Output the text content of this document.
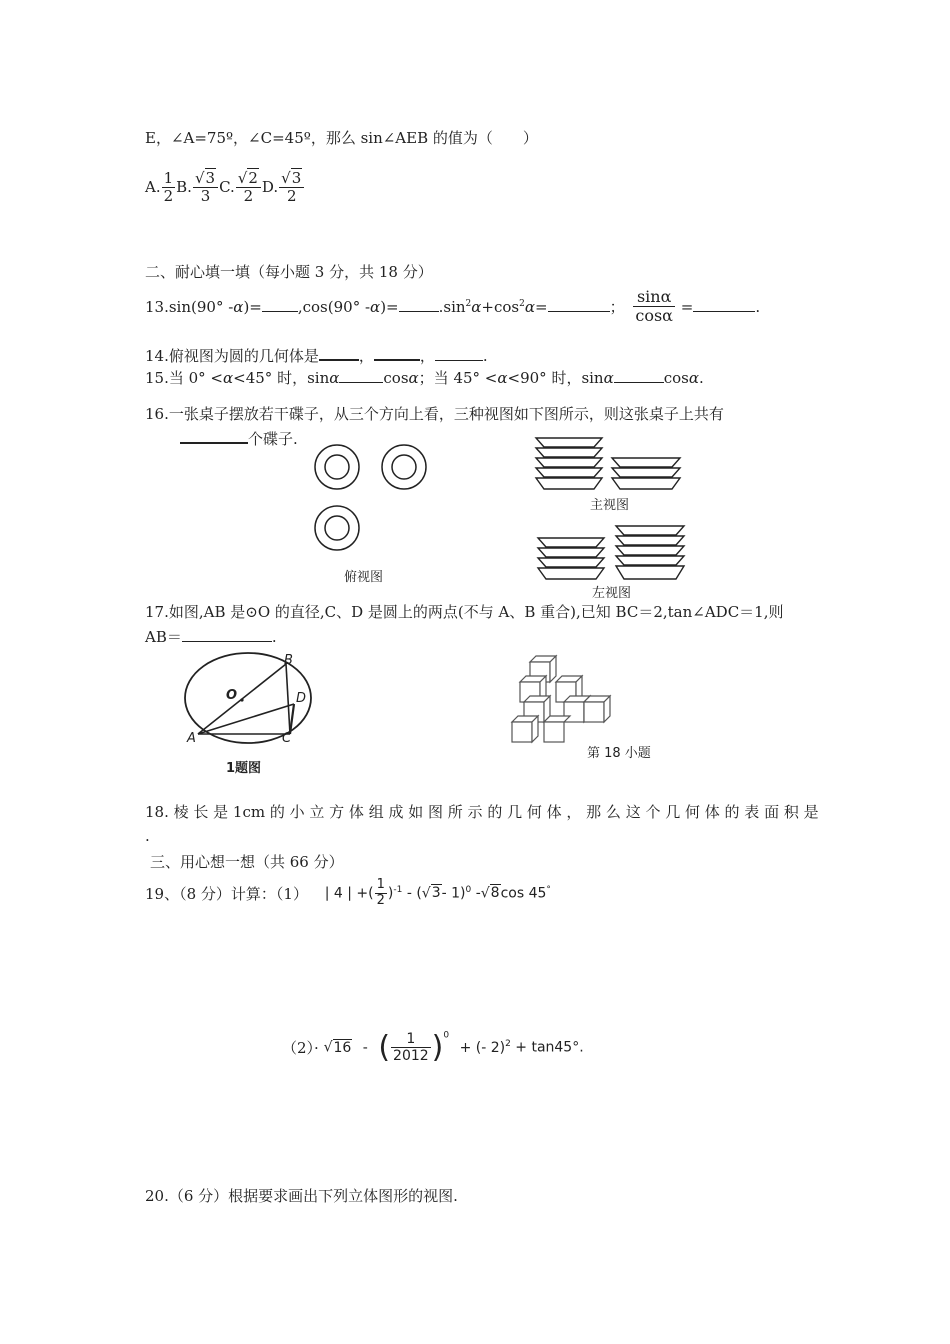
E，∠A=75º，∠C=45º，那么 sin∠AEB 的值为（　　）
A. $\frac{1}{2} B$. $\frac{√3}{3} C$. $\frac{√2}{2} D$. $\frac{√3}{2}$
二、耐心填一填（每小题 3 分，共 18 分）
13.sin(90° -α)= ,cos(90° -α)=	$.\sin^2\alpha+\cos^2\alpha=$	； $\frac{\sin\alpha}{\cos\alpha}$ =	.
14.俯视图为圆的几何体是	，	，	.
15.当 0° <α<45° 时，sinα	cosα；当 45° <α<90° 时，sinα	cosα.
16.一张桌子摆放若干碟子，从三个方向上看，三种视图如下图所示，则这张桌子上共有
个碟子.
俯视图
主视图
左视图
17.如图,AB 是⊙O 的直径,C、D 是圆上的两点(不与 A、B 重合),已知 BC＝2,tan∠ADC＝1,则
AB＝	.
B
D
C
A
O
1题图
第 18 小题
18. 棱 长 是 1cm 的 小 立 方 体 组 成 如 图 所 示 的 几 何 体 ， 那 么 这 个 几 何 体 的 表 面 积 是
.
三、用心想一想（共 66 分）
19、（8 分）计算：（1） | 4 | +( $\frac{1}{2} )^{-1} - (√3-$ 1)$^0$ -√8cos 45°
（2）· √16 - ( $\frac{1}{2012} )^0$ + (- 2)$^2$ + tan45°.
20.（6 分）根据要求画出下列立体图形的视图.
